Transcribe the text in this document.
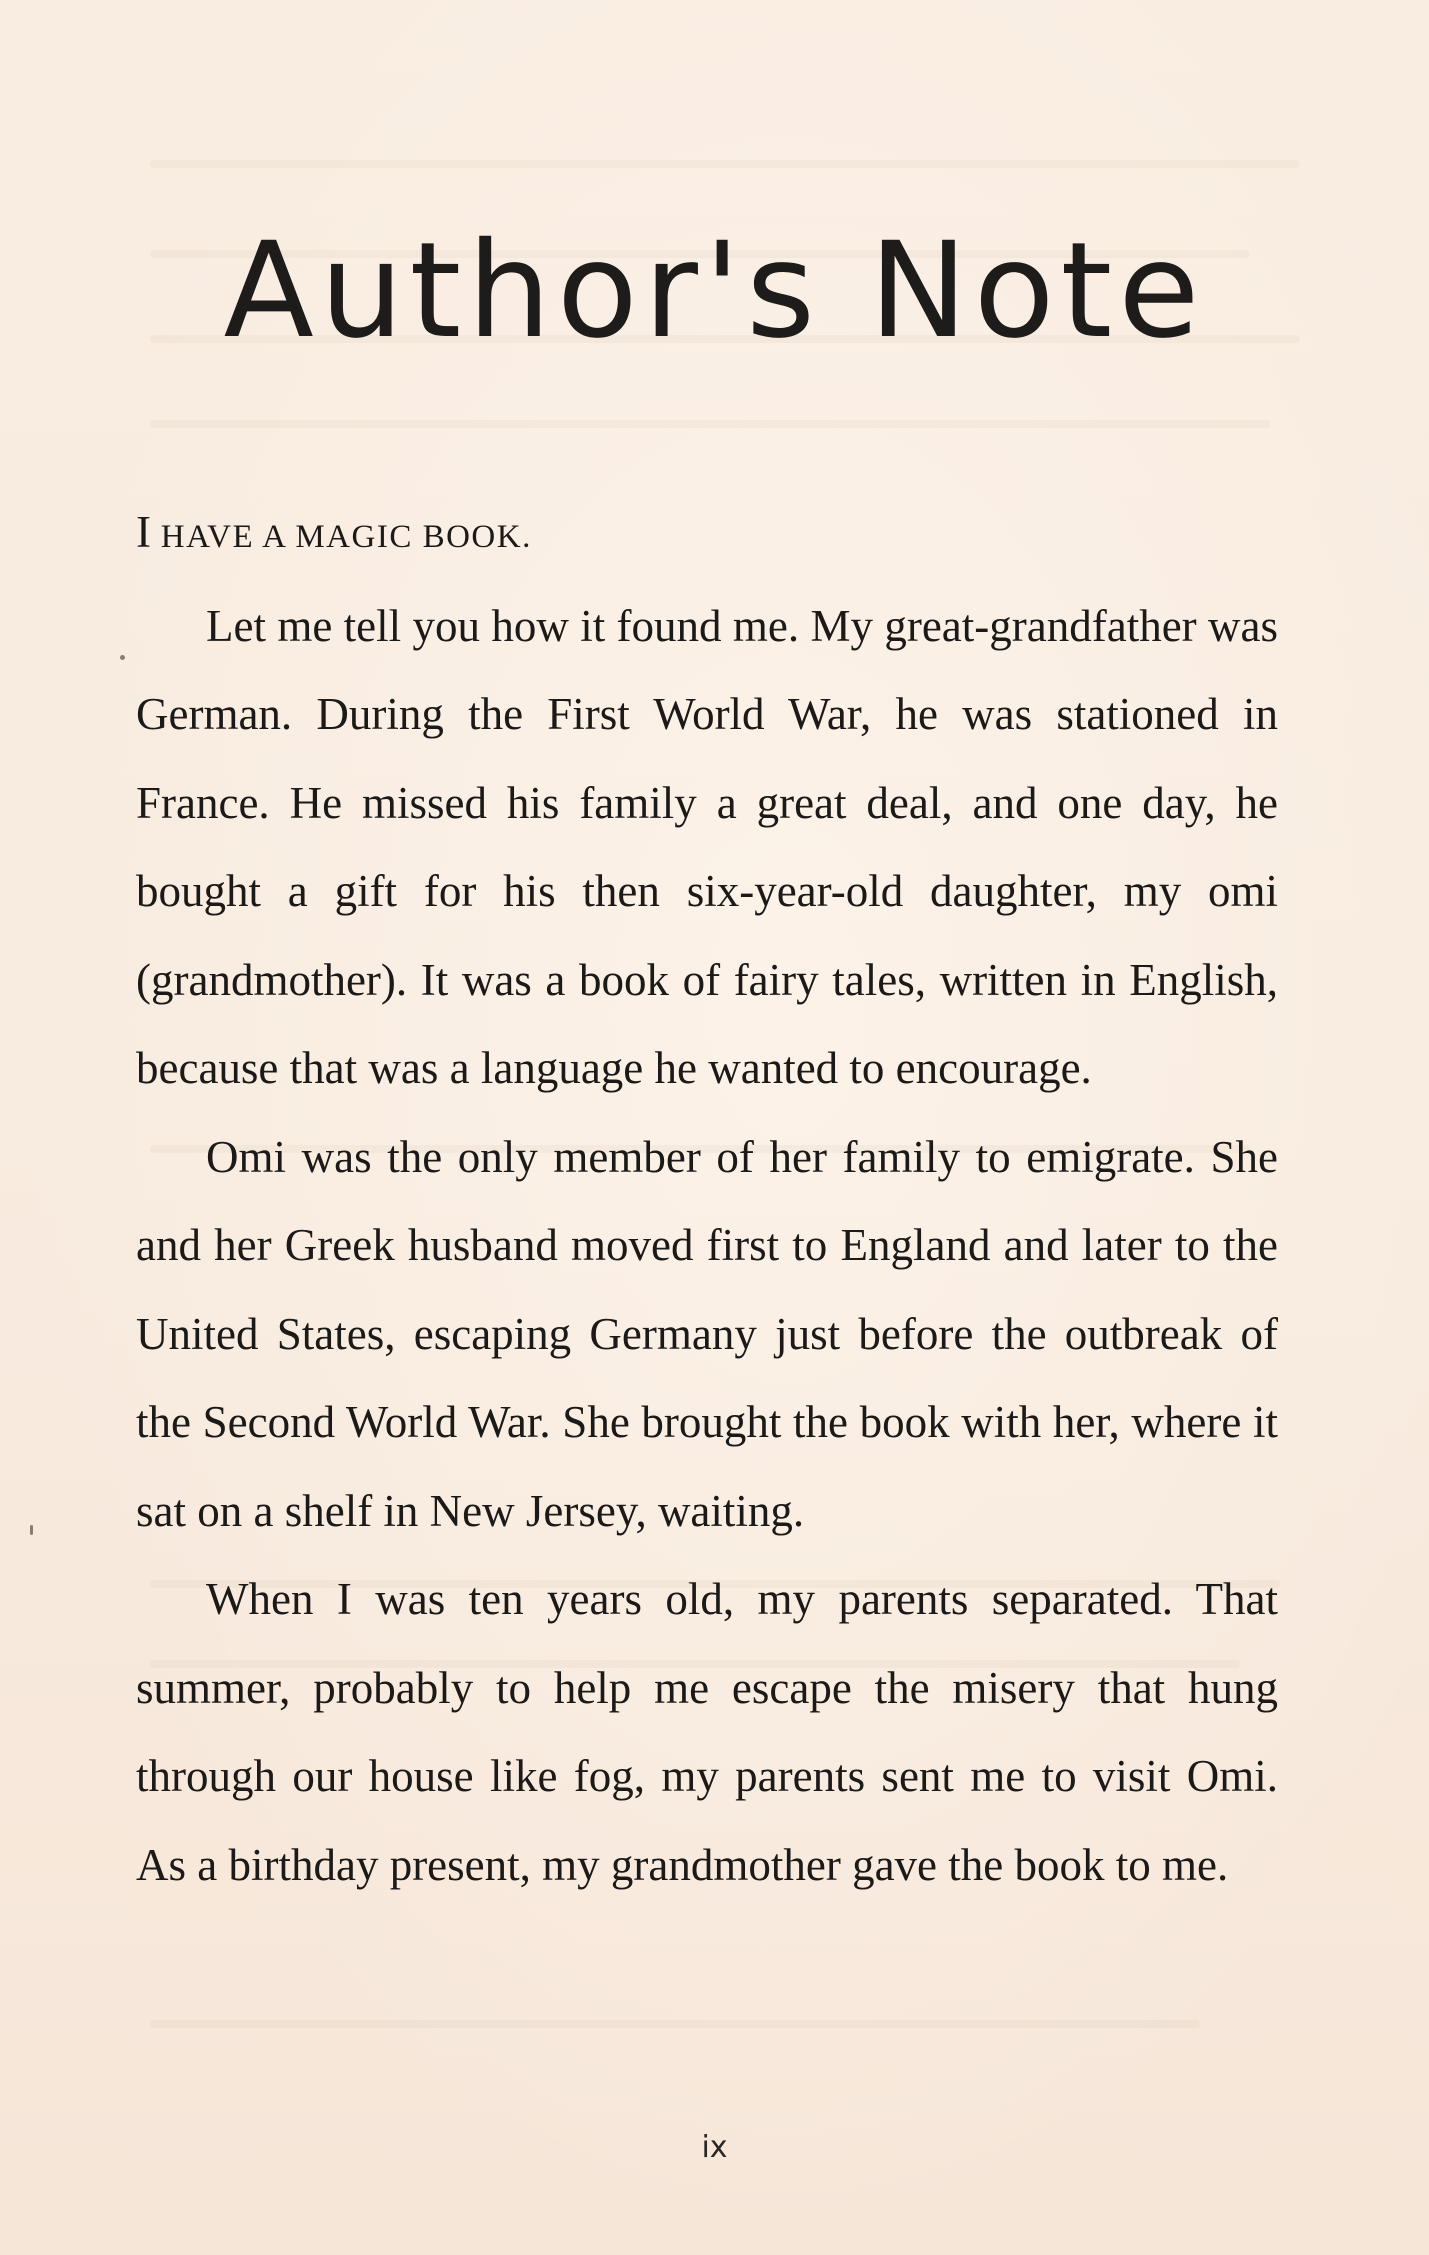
Author's Note

I HAVE A MAGIC BOOK.

Let me tell you how it found me. My great-grandfather was German. During the First World War, he was stationed in France. He missed his family a great deal, and one day, he bought a gift for his then six-year-old daughter, my omi (grandmother). It was a book of fairy tales, written in English, because that was a language he wanted to encourage.

Omi was the only member of her family to emigrate. She and her Greek husband moved first to England and later to the United States, escaping Germany just before the outbreak of the Second World War. She brought the book with her, where it sat on a shelf in New Jersey, waiting.

When I was ten years old, my parents separated. That summer, probably to help me escape the misery that hung through our house like fog, my parents sent me to visit Omi. As a birthday present, my grandmother gave the book to me.

ix
